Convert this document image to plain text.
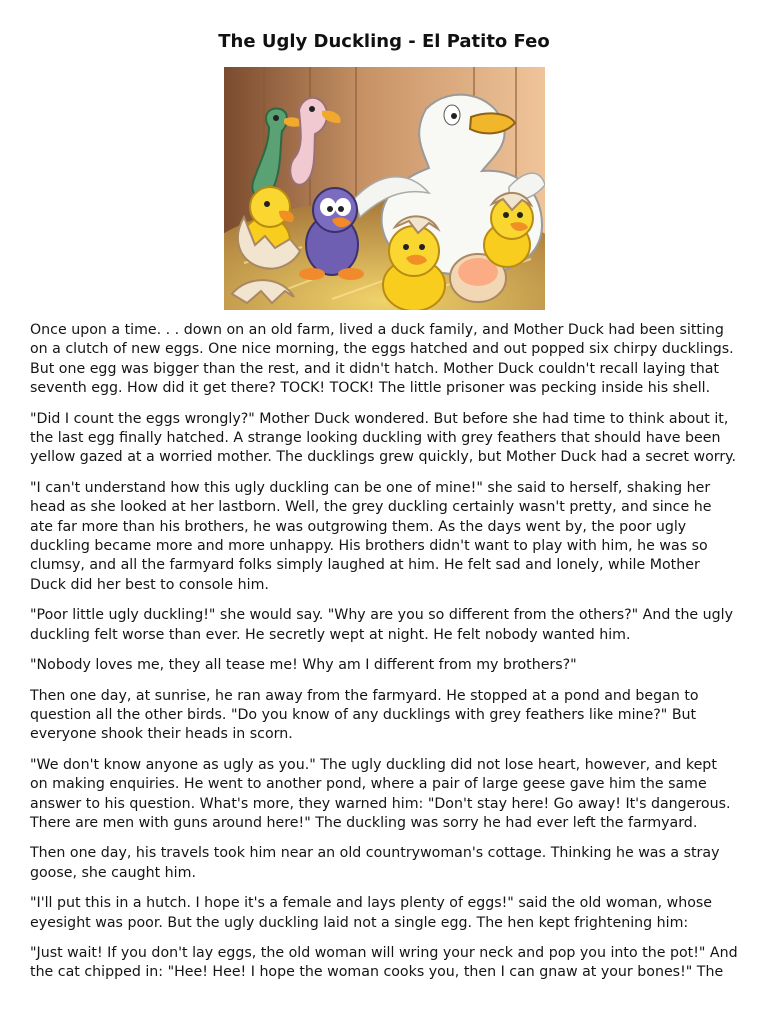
The Ugly Duckling - El Patito Feo

Once upon a time. . . down on an old farm, lived a duck family, and Mother Duck had been sitting on a clutch of new eggs. One nice morning, the eggs hatched and out popped six chirpy ducklings. But one egg was bigger than the rest, and it didn't hatch. Mother Duck couldn't recall laying that seventh egg. How did it get there? TOCK! TOCK! The little prisoner was pecking inside his shell.

"Did I count the eggs wrongly?" Mother Duck wondered. But before she had time to think about it, the last egg finally hatched. A strange looking duckling with grey feathers that should have been yellow gazed at a worried mother. The ducklings grew quickly, but Mother Duck had a secret worry.

"I can't understand how this ugly duckling can be one of mine!" she said to herself, shaking her head as she looked at her lastborn. Well, the grey duckling certainly wasn't pretty, and since he ate far more than his brothers, he was outgrowing them. As the days went by, the poor ugly duckling became more and more unhappy. His brothers didn't want to play with him, he was so clumsy, and all the farmyard folks simply laughed at him. He felt sad and lonely, while Mother Duck did her best to console him.

"Poor little ugly duckling!" she would say. "Why are you so different from the others?" And the ugly duckling felt worse than ever. He secretly wept at night. He felt nobody wanted him.

"Nobody loves me, they all tease me! Why am I different from my brothers?"

Then one day, at sunrise, he ran away from the farmyard. He stopped at a pond and began to question all the other birds. "Do you know of any ducklings with grey feathers like mine?" But everyone shook their heads in scorn.

"We don't know anyone as ugly as you." The ugly duckling did not lose heart, however, and kept on making enquiries. He went to another pond, where a pair of large geese gave him the same answer to his question. What's more, they warned him: "Don't stay here! Go away! It's dangerous. There are men with guns around here!" The duckling was sorry he had ever left the farmyard.

Then one day, his travels took him near an old countrywoman's cottage. Thinking he was a stray goose, she caught him.

"I'll put this in a hutch. I hope it's a female and lays plenty of eggs!" said the old woman, whose eyesight was poor. But the ugly duckling laid not a single egg. The hen kept frightening him:

"Just wait! If you don't lay eggs, the old woman will wring your neck and pop you into the pot!" And the cat chipped in: "Hee! Hee! I hope the woman cooks you, then I can gnaw at your bones!" The
